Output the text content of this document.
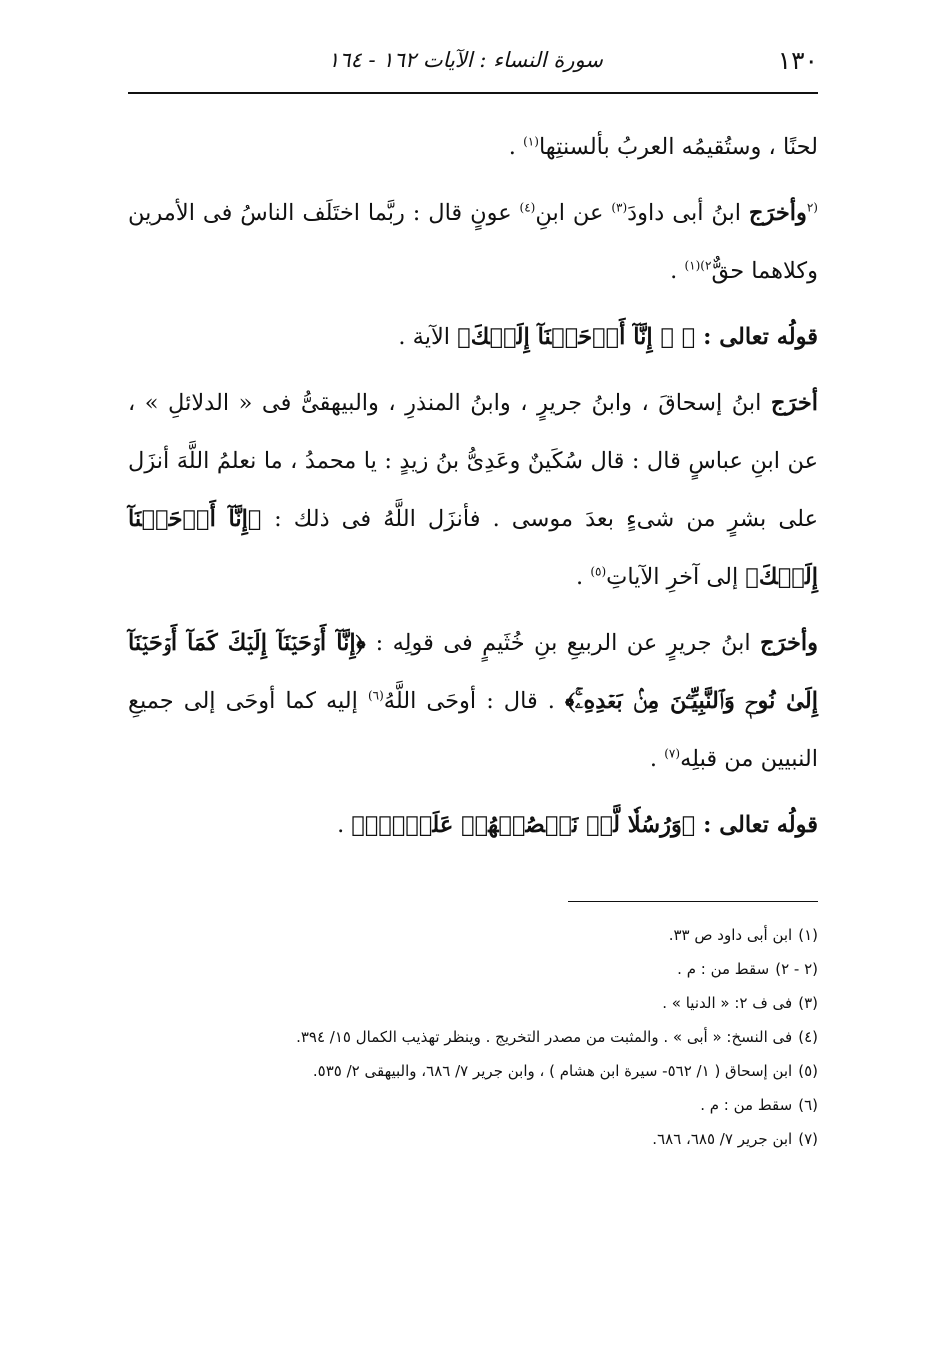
١٣٠
سورة النساء : الآيات ١٦٢ - ١٦٤

لحنًا ، وستُقيمُه العربُ بألسنتِها$^{(١)}$ .

$^{(٢}$وأخرَج ابنُ أبى داودَ$^{(٣)}$ عن ابنِ$^{(٤)}$ عونٍ قال : ربَّما اختَلَف الناسُ فى الأمرين وكلاهما حقٌّ$^{٢)(١)}$ .

قولُه تعالى : ﴿ ۞ إِنَّآ أَوۡحَيۡنَآ إِلَيۡكَ﴾ الآية .

أخرَج ابنُ إسحاقَ ، وابنُ جريرٍ ، وابنُ المنذرِ ، والبيهقىُّ فى « الدلائلِ » ، عن ابنِ عباسٍ قال : قال سُكَينٌ وعَدِىُّ بنُ زيدٍ : يا محمدُ ، ما نعلمُ اللَّهَ أنزَل على بشرٍ من شىءٍ بعدَ موسى . فأنزَل اللَّهُ فى ذلك : ﴿إِنَّآ أَوۡحَيۡنَآ إِلَيۡكَ﴾ إلى آخرِ الآياتِ$^{(٥)}$ .

وأخرَج ابنُ جريرٍ عن الربيعِ بنِ خُثَيمٍ فى قولِه : ﴿إِنَّآ أَوۡحَيۡنَآ إِلَيۡكَ كَمَآ أَوۡحَيۡنَآ إِلَىٰ نُوحٖ وَٱلنَّبِيِّـۧنَ مِنۢ بَعۡدِهِۦۚ﴾ . قال : أوحَى اللَّهُ$^{(٦)}$ إليه كما أوحَى إلى جميعِ النبيين من قبلِه$^{(٧)}$ .

قولُه تعالى : ﴿وَرُسُلٗا لَّمۡ نَقۡصُصۡهُمۡ عَلَيۡكَۚ﴾ .

(١)ابن أبى داود ص ٣٣.
(٢ - ٢)سقط من : م .
(٣)فى ف ٢: « الدنيا » .
(٤)فى النسخ: « أبى » . والمثبت من مصدر التخريج . وينظر تهذيب الكمال ١٥/ ٣٩٤.
(٥)ابن إسحاق ( ١/ ٥٦٢- سيرة ابن هشام ) ، وابن جرير ٧/ ٦٨٦، والبيهقى ٢/ ٥٣٥.
(٦)سقط من : م .
(٧)ابن جرير ٧/ ٦٨٥، ٦٨٦.
